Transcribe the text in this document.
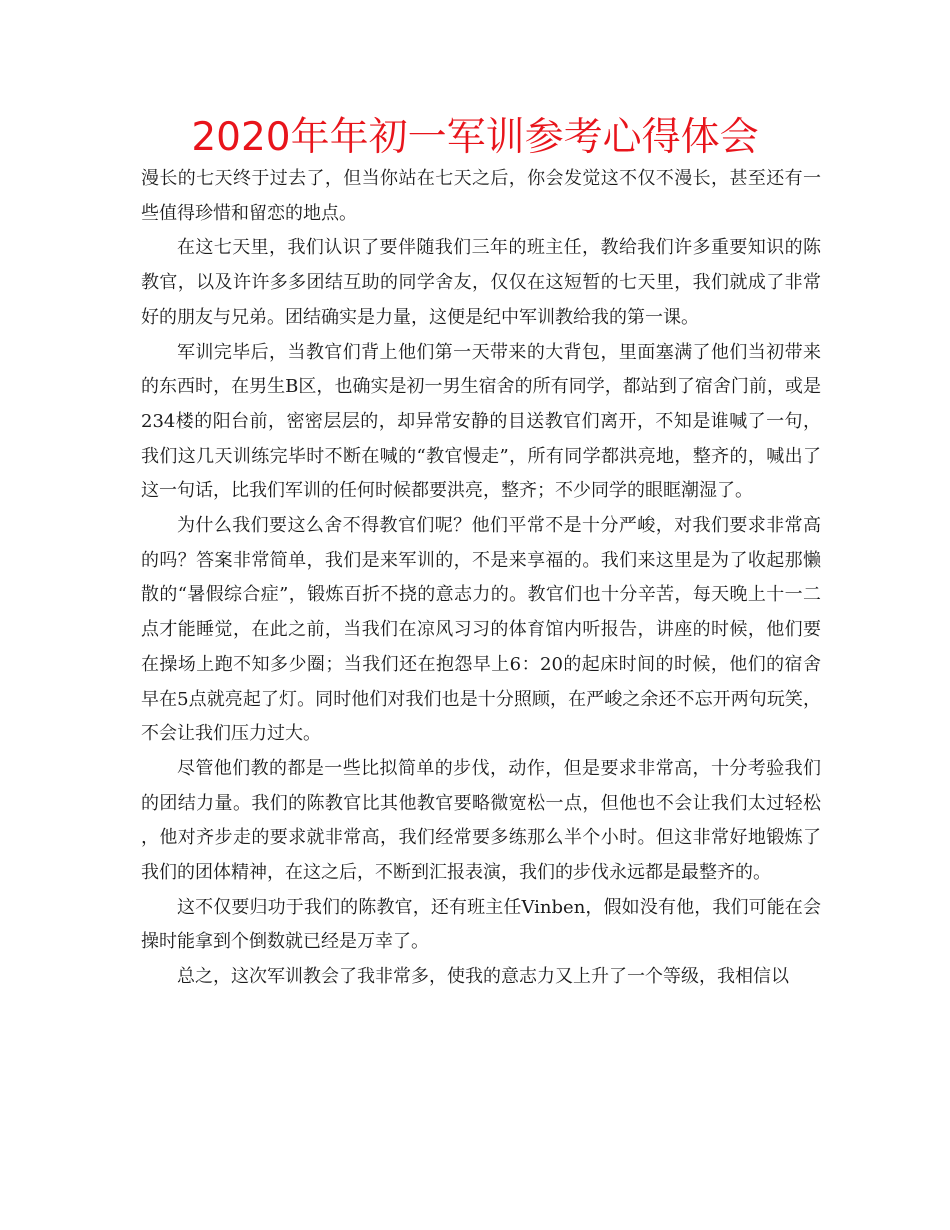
2020年年初一军训参考心得体会

漫长的七天终于过去了，但当你站在七天之后，你会发觉这不仅不漫长，甚至还有一些值得珍惜和留恋的地点。

在这七天里，我们认识了要伴随我们三年的班主任，教给我们许多重要知识的陈教官，以及许许多多团结互助的同学舍友，仅仅在这短暂的七天里，我们就成了非常好的朋友与兄弟。团结确实是力量，这便是纪中军训教给我的第一课。

军训完毕后，当教官们背上他们第一天带来的大背包，里面塞满了他们当初带来的东西时，在男生B区，也确实是初一男生宿舍的所有同学，都站到了宿舍门前，或是234楼的阳台前，密密层层的，却异常安静的目送教官们离开，不知是谁喊了一句，我们这几天训练完毕时不断在喊的“教官慢走”，所有同学都洪亮地，整齐的，喊出了这一句话，比我们军训的任何时候都要洪亮，整齐；不少同学的眼眶潮湿了。

为什么我们要这么舍不得教官们呢？他们平常不是十分严峻，对我们要求非常高的吗？答案非常简单，我们是来军训的，不是来享福的。我们来这里是为了收起那懒散的“暑假综合症”，锻炼百折不挠的意志力的。教官们也十分辛苦，每天晚上十一二点才能睡觉，在此之前，当我们在凉风习习的体育馆内听报告，讲座的时候，他们要在操场上跑不知多少圈；当我们还在抱怨早上6：20的起床时间的时候，他们的宿舍早在5点就亮起了灯。同时他们对我们也是十分照顾，在严峻之余还不忘开两句玩笑，不会让我们压力过大。

尽管他们教的都是一些比拟简单的步伐，动作，但是要求非常高，十分考验我们的团结力量。我们的陈教官比其他教官要略微宽松一点，但他也不会让我们太过轻松，他对齐步走的要求就非常高，我们经常要多练那么半个小时。但这非常好地锻炼了我们的团体精神，在这之后，不断到汇报表演，我们的步伐永远都是最整齐的。

这不仅要归功于我们的陈教官，还有班主任Vinben，假如没有他，我们可能在会操时能拿到个倒数就已经是万幸了。

总之，这次军训教会了我非常多，使我的意志力又上升了一个等级，我相信以
